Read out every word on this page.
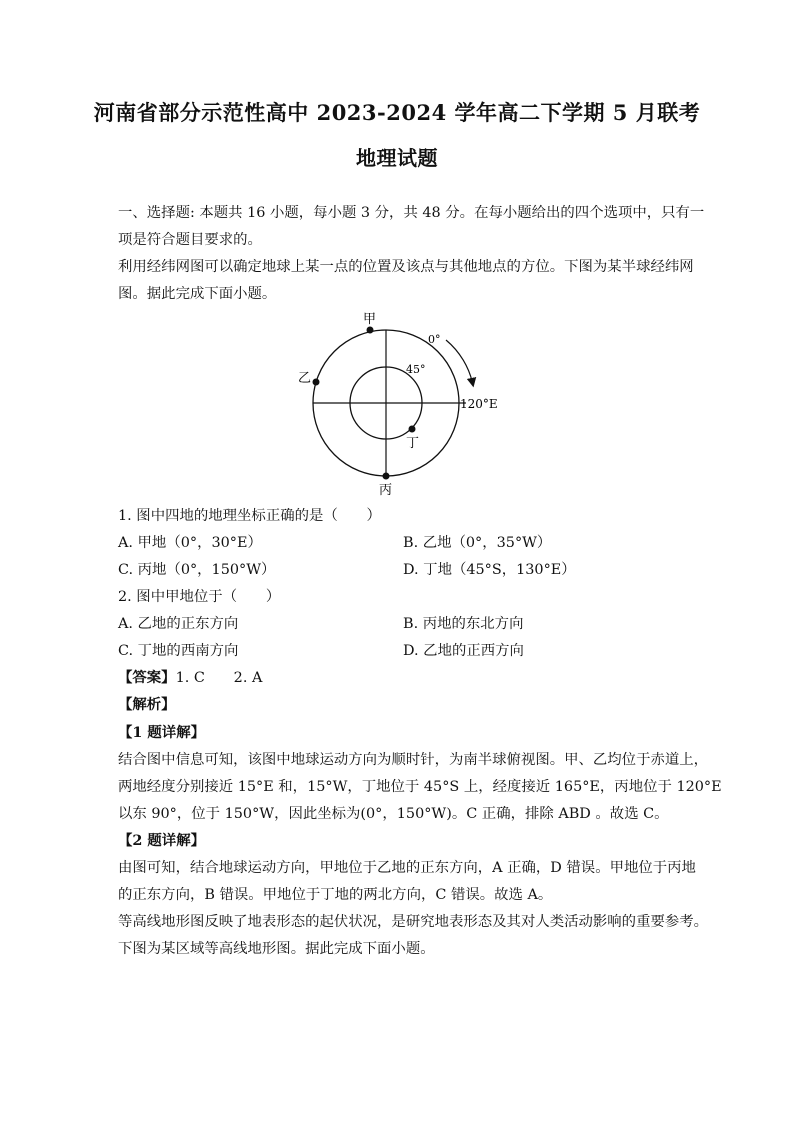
河南省部分示范性高中 2023-2024 学年高二下学期 5 月联考
地理试题
一、选择题: 本题共 16 小题，每小题 3 分，共 48 分。在每小题给出的四个选项中，只有一
项是符合题目要求的。
利用经纬网图可以确定地球上某一点的位置及该点与其他地点的方位。下图为某半球经纬网
图。据此完成下面小题。
甲
乙
丙
丁
0°
45°
120°E
1. 图中四地的地理坐标正确的是（　　）
A. 甲地（0°，30°E）	B. 乙地（0°，35°W）
C. 丙地（0°，150°W）	D. 丁地（45°S，130°E）
2. 图中甲地位于（　　）
A. 乙地的正东方向	B. 丙地的东北方向
C. 丁地的西南方向	D. 乙地的正西方向
【答案】1. C　　2. A
【解析】
【1 题详解】
结合图中信息可知，该图中地球运动方向为顺时针，为南半球俯视图。甲、乙均位于赤道上，
两地经度分别接近 15°E 和，15°W，丁地位于 45°S 上，经度接近 165°E，丙地位于 120°E
以东 90°，位于 150°W，因此坐标为(0°，150°W)。C 正确，排除 ABD 。故选 C。
【2 题详解】
由图可知，结合地球运动方向，甲地位于乙地的正东方向，A 正确，D 错误。甲地位于丙地
的正东方向，B 错误。甲地位于丁地的两北方向，C 错误。故选 A。
等高线地形图反映了地表形态的起伏状况，是研究地表形态及其对人类活动影响的重要参考。
下图为某区域等高线地形图。据此完成下面小题。
